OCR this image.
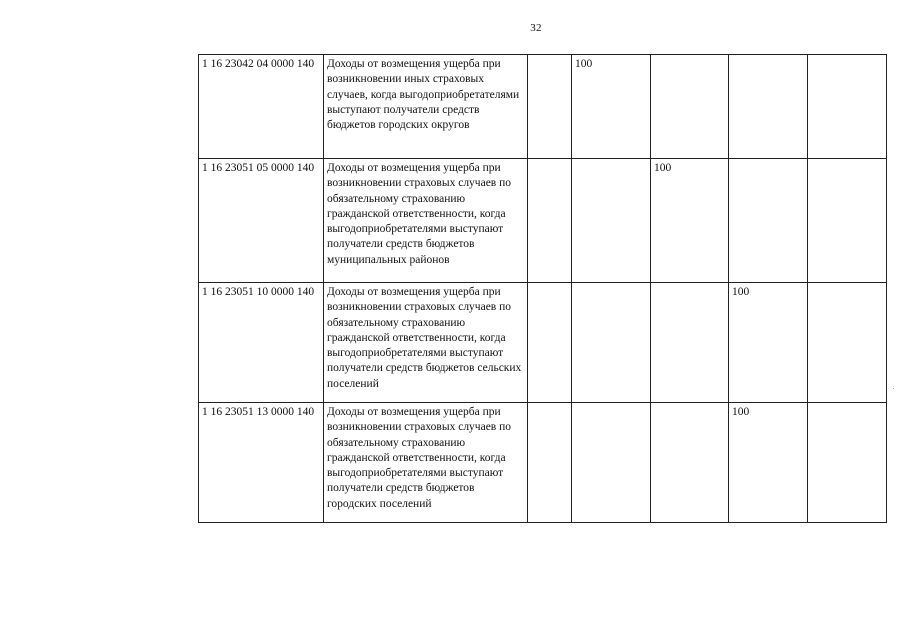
32
1 16 23042 04 0000 140	Доходы от возмещения ущерба при возникновении иных страховых случаев, когда выгодоприобретателями выступают получатели средств бюджетов городских округов		100			
1 16 23051 05 0000 140	Доходы от возмещения ущерба при возникновении страховых случаев по обязательному страхованию гражданской ответственности, когда выгодоприобретателями выступают получатели средств бюджетов муниципальных районов			100		
1 16 23051 10 0000 140	Доходы от возмещения ущерба при возникновении страховых случаев по обязательному страхованию гражданской ответственности, когда выгодоприобретателями выступают получатели средств бюджетов сельских поселений				100	
1 16 23051 13 0000 140	Доходы от возмещения ущерба при возникновении страховых случаев по обязательному страхованию гражданской ответственности, когда выгодоприобретателями выступают получатели средств бюджетов городских поселений				100	
